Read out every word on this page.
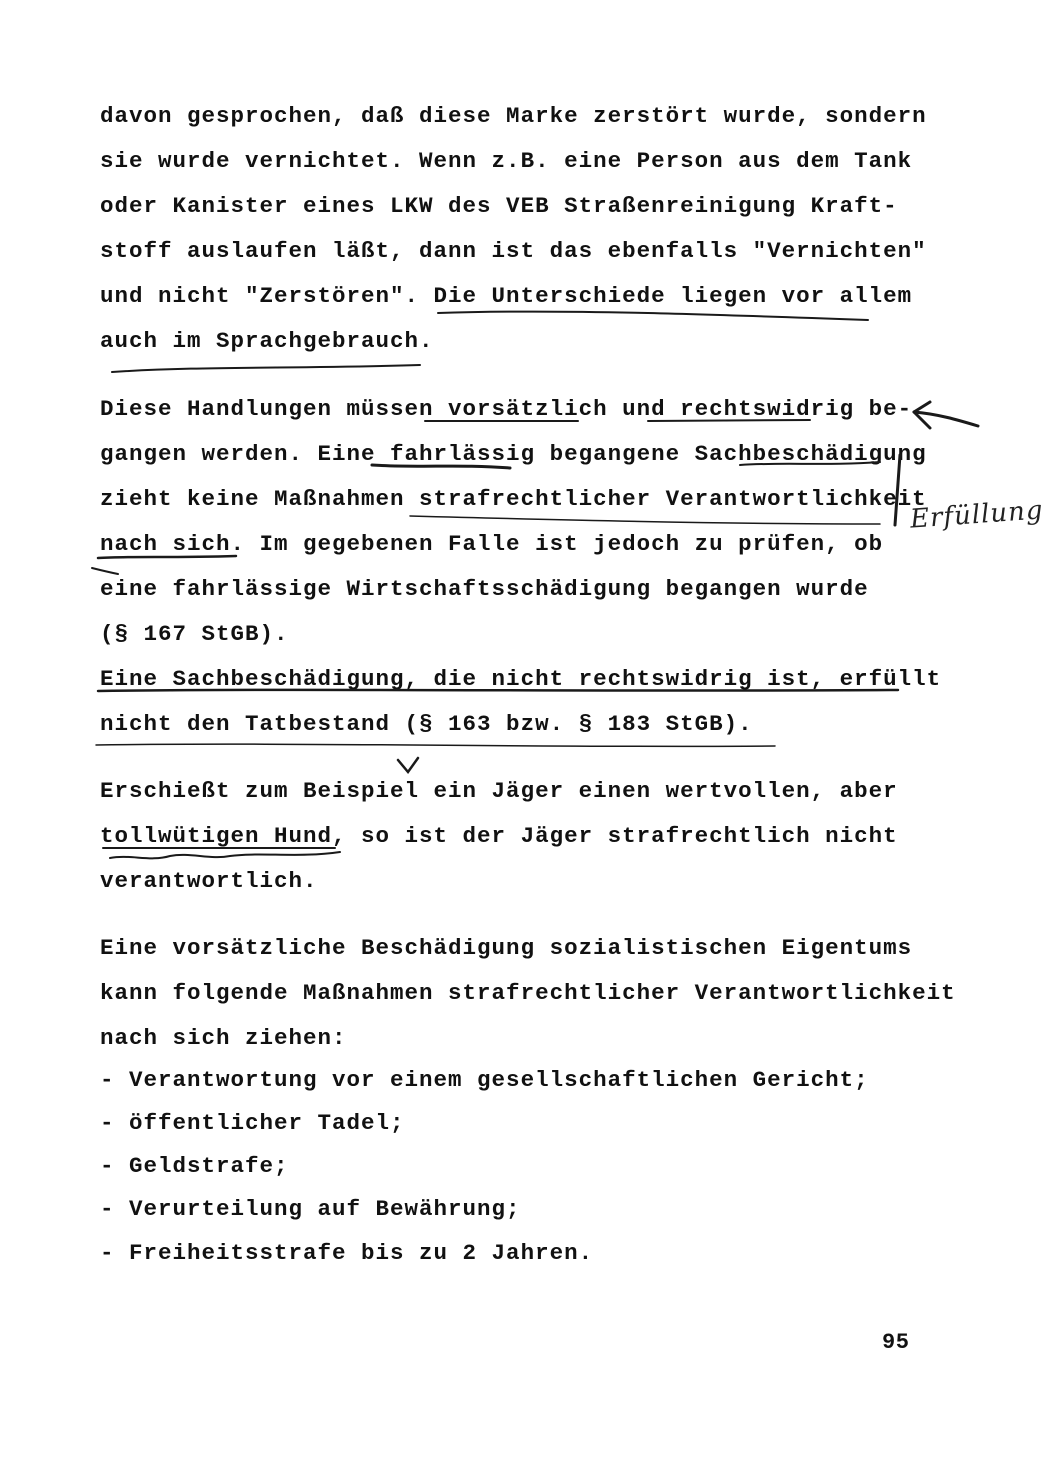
davon gesprochen, daß diese Marke zerstört wurde, sondern
sie wurde vernichtet. Wenn z.B. eine Person aus dem Tank
oder Kanister eines LKW des VEB Straßenreinigung Kraft-
stoff auslaufen läßt, dann ist das ebenfalls "Vernichten"
und nicht "Zerstören". Die Unterschiede liegen vor allem
auch im Sprachgebrauch.
Diese Handlungen müssen vorsätzlich und rechtswidrig be-
gangen werden. Eine fahrlässig begangene Sachbeschädigung
zieht keine Maßnahmen strafrechtlicher Verantwortlichkeit
nach sich. Im gegebenen Falle ist jedoch zu prüfen, ob
eine fahrlässige Wirtschaftsschädigung begangen wurde
(§ 167 StGB).
Eine Sachbeschädigung, die nicht rechtswidrig ist, erfüllt
nicht den Tatbestand (§ 163 bzw. § 183 StGB).
Erschießt zum Beispiel ein Jäger einen wertvollen, aber
tollwütigen Hund, so ist der Jäger strafrechtlich nicht
verantwortlich.
Eine vorsätzliche Beschädigung sozialistischen Eigentums
kann folgende Maßnahmen strafrechtlicher Verantwortlichkeit
nach sich ziehen:
- Verantwortung vor einem gesellschaftlichen Gericht;
- öffentlicher Tadel;
- Geldstrafe;
- Verurteilung auf Bewährung;
- Freiheitsstrafe bis zu 2 Jahren.
95
Erfüllung
